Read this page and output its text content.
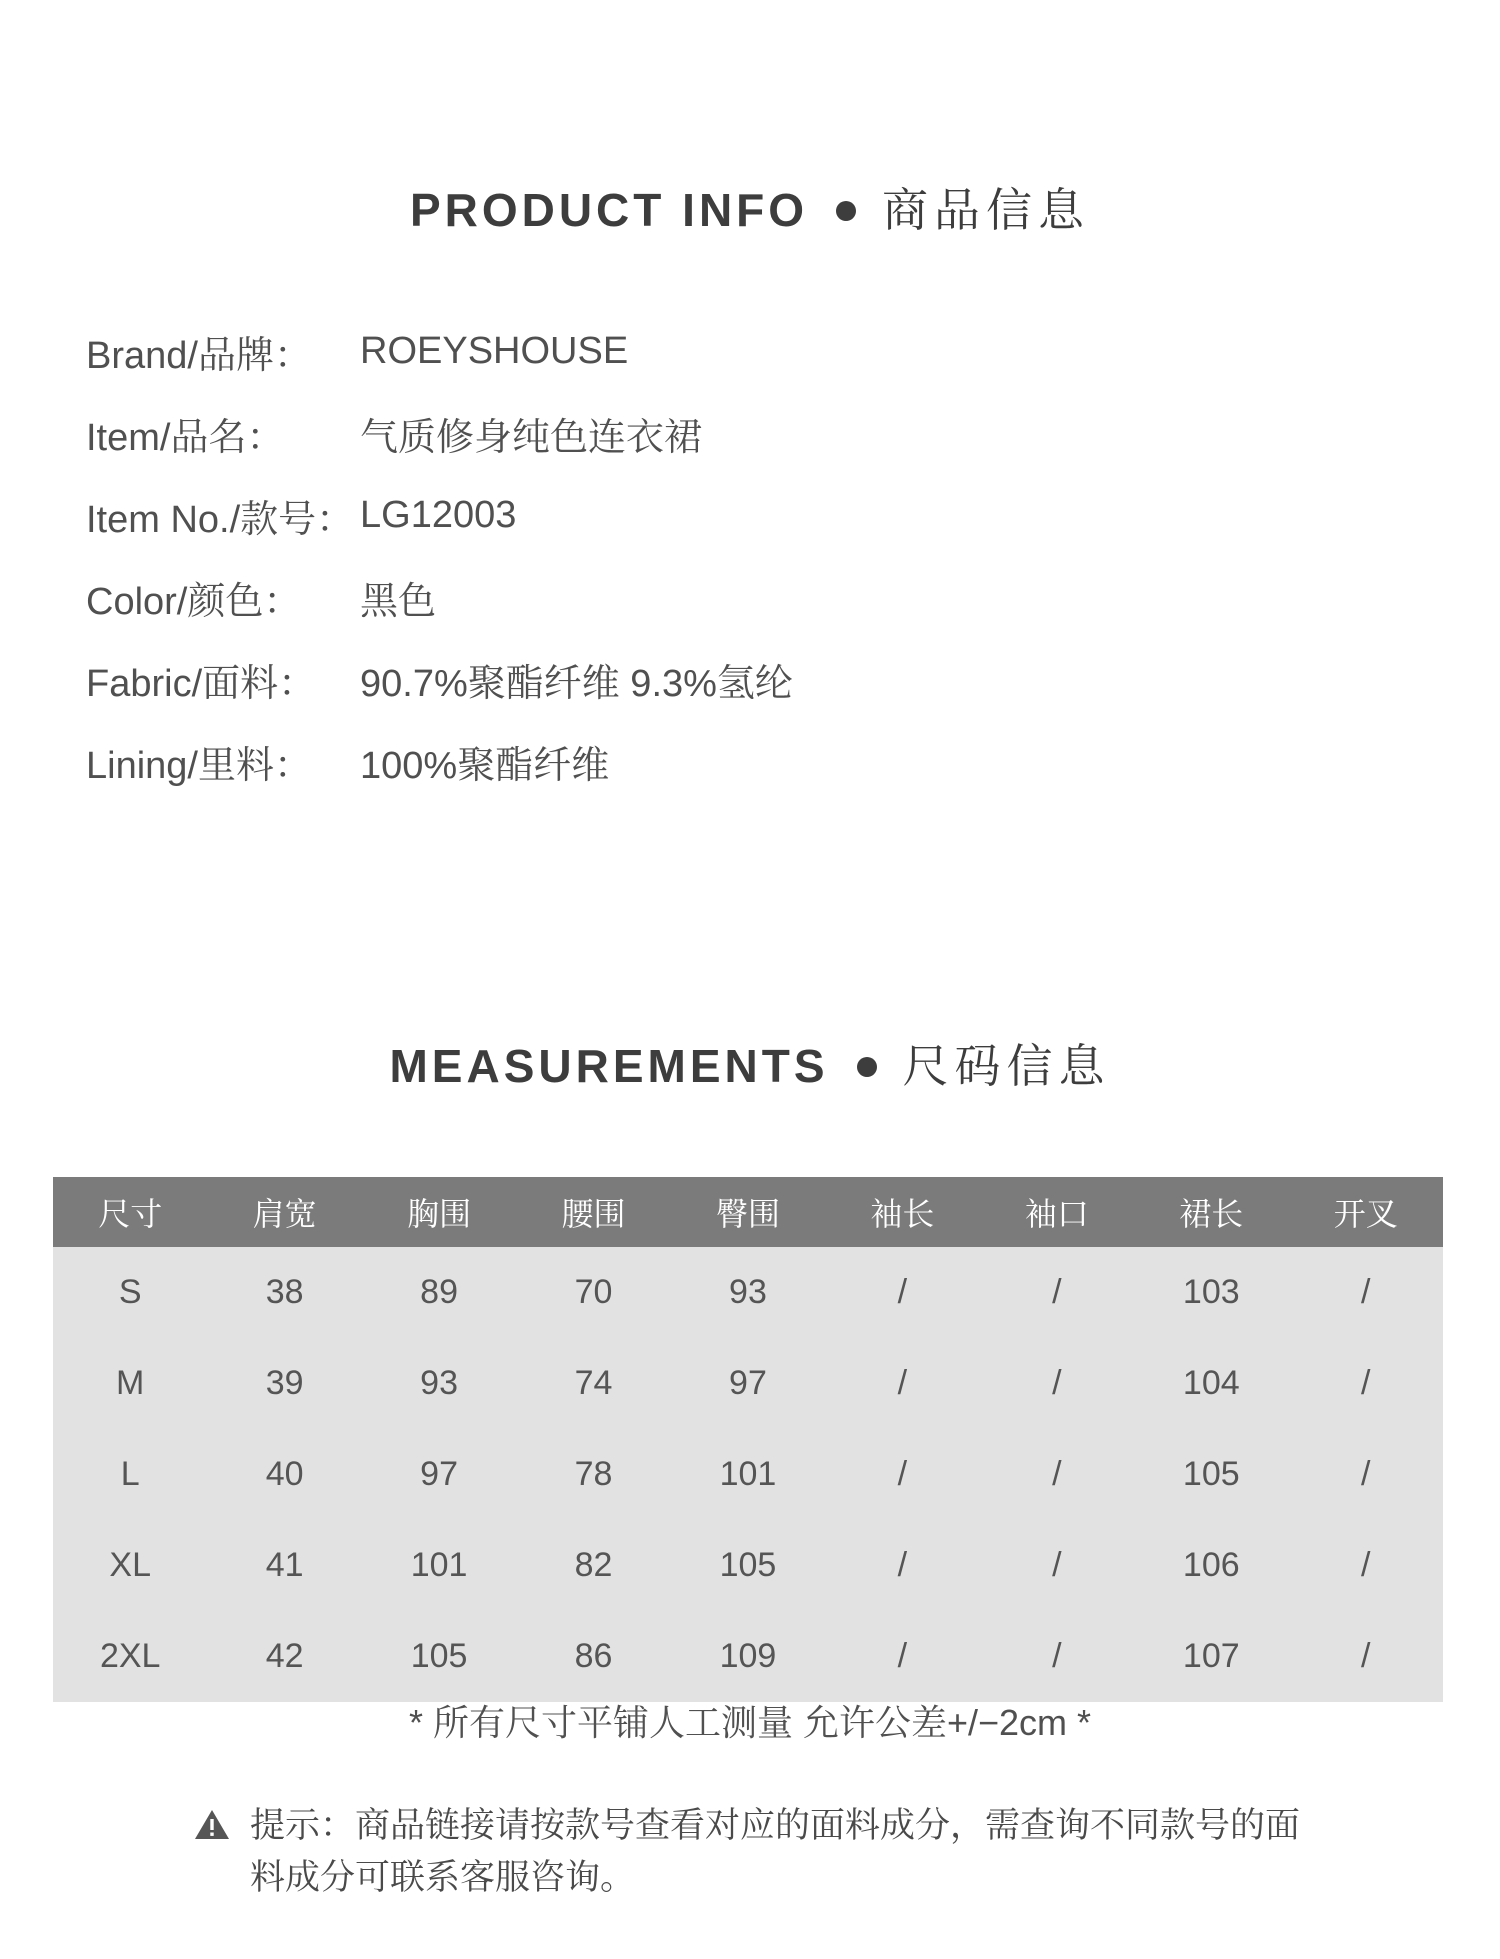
PRODUCT INFO 商品信息
Brand/品牌：	ROEYSHOUSE
Item/品名：	气质修身纯色连衣裙
Item No./款号： LG12003
Color/颜色：	黑色
Fabric/面料：	90.7%聚酯纤维 9.3%氢纶
Lining/里料：	100%聚酯纤维
MEASUREMENTS 尺码信息
尺寸	肩宽	胸围	腰围	臀围	袖长	袖口	裙长	开叉
S	38	89	70	93	/	/	103	/
M	39	93	74	97	/	/	104	/
L	40	97	78	101	/	/	105	/
XL	41	101	82	105	/	/	106	/
2XL	42	105	86	109	/	/	107	/
* 所有尺寸平铺人工测量 允许公差+/−2cm *
提示：商品链接请按款号查看对应的面料成分，需查询不同款号的面料成分可联系客服咨询。
